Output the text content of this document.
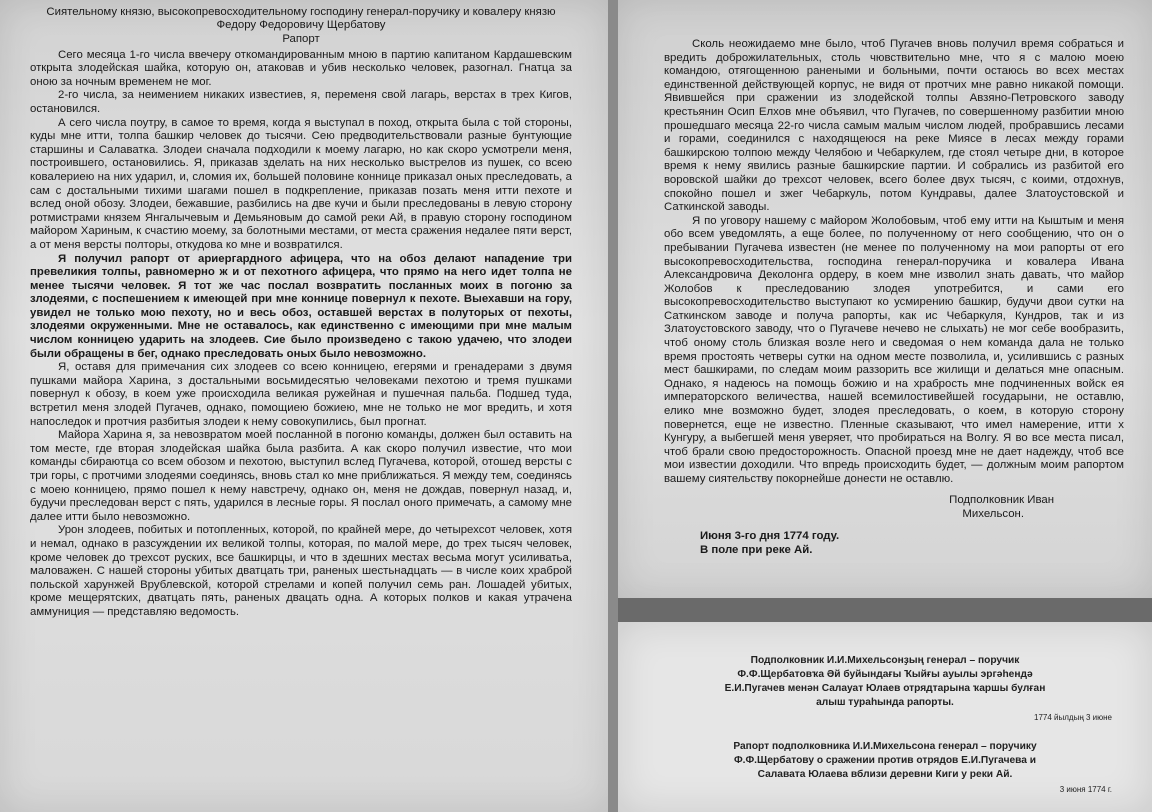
Сиятельному князю, высокопревосходительному господину генерал-поручику и ковалеру князю Федору Федоровичу Щербатову

Рапорт

Сего месяца 1-го числа ввечеру откомандированным мною в партию капитаном Кардашевским открыта злодейская шайка, которую он, атаковав и убив несколько человек, разогнал. Гнатца за оною за ночным временем не мог.

2-го числа, за неимением никаких известиев, я, переменя свой лагарь, верстах в трех Кигов, остановился.

А сего числа поутру, в самое то время, когда я выступал в поход, открыта была с той стороны, куды мне итти, толпа башкир человек до тысячи. Сею предводительствовали разные бунтующие старшины и Салаватка. Злодеи сначала подходили к моему лагарю, но как скоро усмотрели меня, построившего, остановились. Я, приказав зделать на них несколько выстрелов из пушек, со всею ковалериею на них ударил, и, сломия их, большей половине коннице приказал оных преследовать, а сам с достальными тихими шагами пошел в подкрепление, приказав позать меня итти пехоте и вслед оной обозу. Злодеи, бежавшие, разбились на две кучи и были преследованы в левую сторону ротмистрами князем Янгалычевым и Демьяновым до самой реки Ай, в правую сторону господином майором Хариным, к счастию моему, за болотными местами, от места сражения недалее пяти верст, а от меня версты полторы, откудова ко мне и возвратился.

Я получил рапорт от ариергардного афицера, что на обоз делают нападение три превеликия толпы, равномерно ж и от пехотного афицера, что прямо на него идет толпа не менее тысячи человек. Я тот же час послал возвратить посланных моих в погоню за злодеями, с поспешением к имеющей при мне коннице повернул к пехоте. Выехавши на гору, увидел не только мою пехоту, но и весь обоз, оставшей верстах в полуторых от пехоты, злодеями окруженными. Мне не оставалось, как единственно с имеющими при мне малым числом конницею ударить на злодеев. Сие было произведено с такою удачею, что злодеи были обращены в бег, однако преследовать оных было невозможно.

Я, оставя для примечания сих злодеев со всею конницею, егерями и гренадерами з двумя пушками майора Харина, з достальными восьмидесятью человеками пехотою и тремя пушками повернул к обозу, в коем уже происходила великая ружейная и пушечная пальба. Подшед туда, встретил меня злодей Пугачев, однако, помощиею божиею, мне не только не мог вредить, и хотя напоследок и протчия разбитыя злодеи к нему совокупились, был прогнат.

Майора Харина я, за невозвратом моей посланной в погоню команды, должен был оставить на том месте, где вторая злодейская шайка была разбита. А как скоро получил известие, что мои команды сбираютца со всем обозом и пехотою, выступил вслед Пугачева, которой, отошед версты с три горы, с протчими злодеями соединясь, вновь стал ко мне приближаться. Я между тем, соединясь с моею конницею, прямо пошел к нему навстречу, однако он, меня не дождав, повернул назад, и, будучи преследован верст с пять, ударился в лесные горы. Я послал оного примечать, а самому мне далее итти было невозможно.

Урон злодеев, побитых и потопленных, которой, по крайней мере, до четырехсот человек, хотя и немал, однако в разсуждении их великой толпы, которая, по малой мере, до трех тысяч человек, кроме человек до трехсот руских, все башкирцы, и что в здешних местах весьма могут усиливатьа, маловажен. С нашей стороны убитых дватцать три, раненых шестьнадцать — в числе коих храброй польской харунжей Врублевской, которой стрелами и копей получил семь ран. Лошадей убитых, кроме мещерятских, дватцать пять, раненых двацать одна. А которых полков и какая утрачена аммуниция — представляю ведомость.

Сколь неожидаемо мне было, чтоб Пугачев вновь получил время собраться и вредить доброжилательных, столь чювствительно мне, что я с малою моею командою, отягощенною ранеными и больными, почти остаюсь во всех местах единственной действующей корпус, не видя от протчих мне равно никакой помощи. Явившейся при сражении из злодейской толпы Авзяно-Петровского заводу крестьянин Осип Елхов мне объявил, что Пугачев, по совершенному разбитии мною прошедшаго месяца 22-го числа самым малым числом людей, пробравшись лесами и горами, соединился с находящеюся на реке Миясе в лесах между горами башкирскою толпою между Челябою и Чебаркулем, где стоял четыре дни, в которое время к нему явились разные башкирские партии. И собрались из разбитой его воровской шайки до трехсот человек, всего более двух тысяч, с коими, отдохнув, спокойно пошел и зжег Чебаркуль, потом Кундравы, далее Златоустовской и Саткинской заводы.

Я по уговору нашему с майором Жолобовым, чтоб ему итти на Кыштым и меня обо всем уведомлять, а еще более, по полученному от него сообщению, что он о пребывании Пугачева известен (не менее по полученному на мои рапорты от его высокопревосходительства, господина генерал-поручика и ковалера Ивана Александровича Деколонга ордеру, в коем мне изволил знать давать, что майор Жолобов к преследованию злодея употребится, и сами его высокопревосходительство выступают ко усмирению башкир, будучи двои сутки на Саткинском заводе и получа рапорты, как ис Чебаркуля, Кундров, так и из Златоустовского заводу, что о Пугачеве нечево не слыхать) не мог себе вообразить, чтоб оному столь близкая возле него и сведомая о нем команда дала не только время простоять четверы сутки на одном месте позволила, и, усилившись с разных мест башкирами, по следам моим раззорить все жилищи и делаться мне опасным. Однако, я надеюсь на помощь божию и на храбрость мне подчиненных войск ея императорского величества, нашей всемилостивейшей государыни, не оставлю, елико мне возможно будет, злодея преследовать, о коем, в которую сторону повернется, еще не известно. Пленные сказывают, что имел намерение, итти х Кунгуру, а выбегшей меня уверяет, что пробираться на Волгу. Я во все места писал, чтоб брали свою предосторожность. Опасной проезд мне не дает надежду, чтоб все мои известии доходили. Что впредь происходить будет, — должным моим рапортом вашему сиятельству покорнейше донести не оставлю.

Подполковник Иван

Михельсон.

Июня 3-го дня 1774 году.

В поле при реке Ай.

Подполковник И.И.Михельсонҙың генерал – поручик
Ф.Ф.Щербатовҡа Әй буйындағы Ҡыйғы ауылы эргәһендә
Е.И.Пугачев менән Салауат Юлаев отрядтарына ҡаршы булған
алыш тураһында рапорты.
1774 йылдың 3 июне
Рапорт подполковника И.И.Михельсона генерал – поручику
Ф.Ф.Щербатову о сражении против отрядов Е.И.Пугачева и
Салавата Юлаева вблизи деревни Киги у реки Ай.
3 июня 1774 г.
